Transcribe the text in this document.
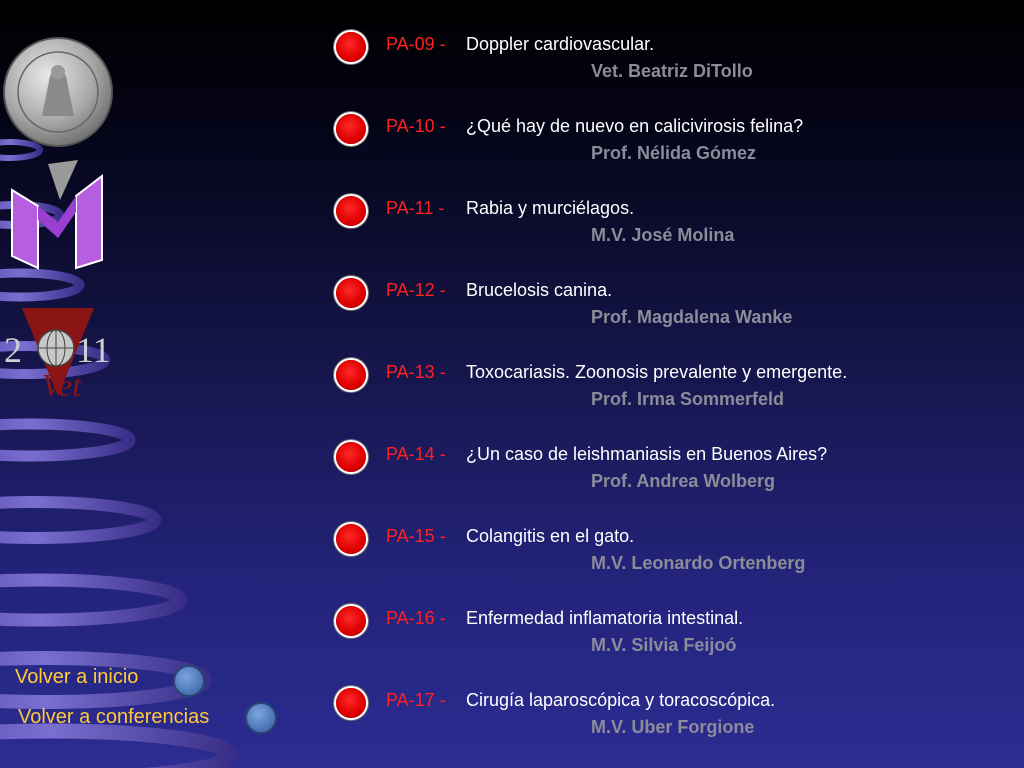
2 11
Vet
PA-09 - Doppler cardiovascular.
Vet. Beatriz DiTollo
PA-10 - ¿Qué hay de nuevo en calicivirosis felina?
Prof. Nélida Gómez
PA-11 - Rabia y murciélagos.
M.V. José Molina
PA-12 - Brucelosis canina.
Prof. Magdalena Wanke
PA-13 - Toxocariasis. Zoonosis prevalente y emergente.
Prof. Irma Sommerfeld
PA-14 - ¿Un caso de leishmaniasis en Buenos Aires?
Prof. Andrea Wolberg
PA-15 - Colangitis en el gato.
M.V. Leonardo Ortenberg
PA-16 - Enfermedad inflamatoria intestinal.
M.V. Silvia Feijoó
PA-17 - Cirugía laparoscópica y toracoscópica.
M.V. Uber Forgione
Volver a inicio
Volver a conferencias
